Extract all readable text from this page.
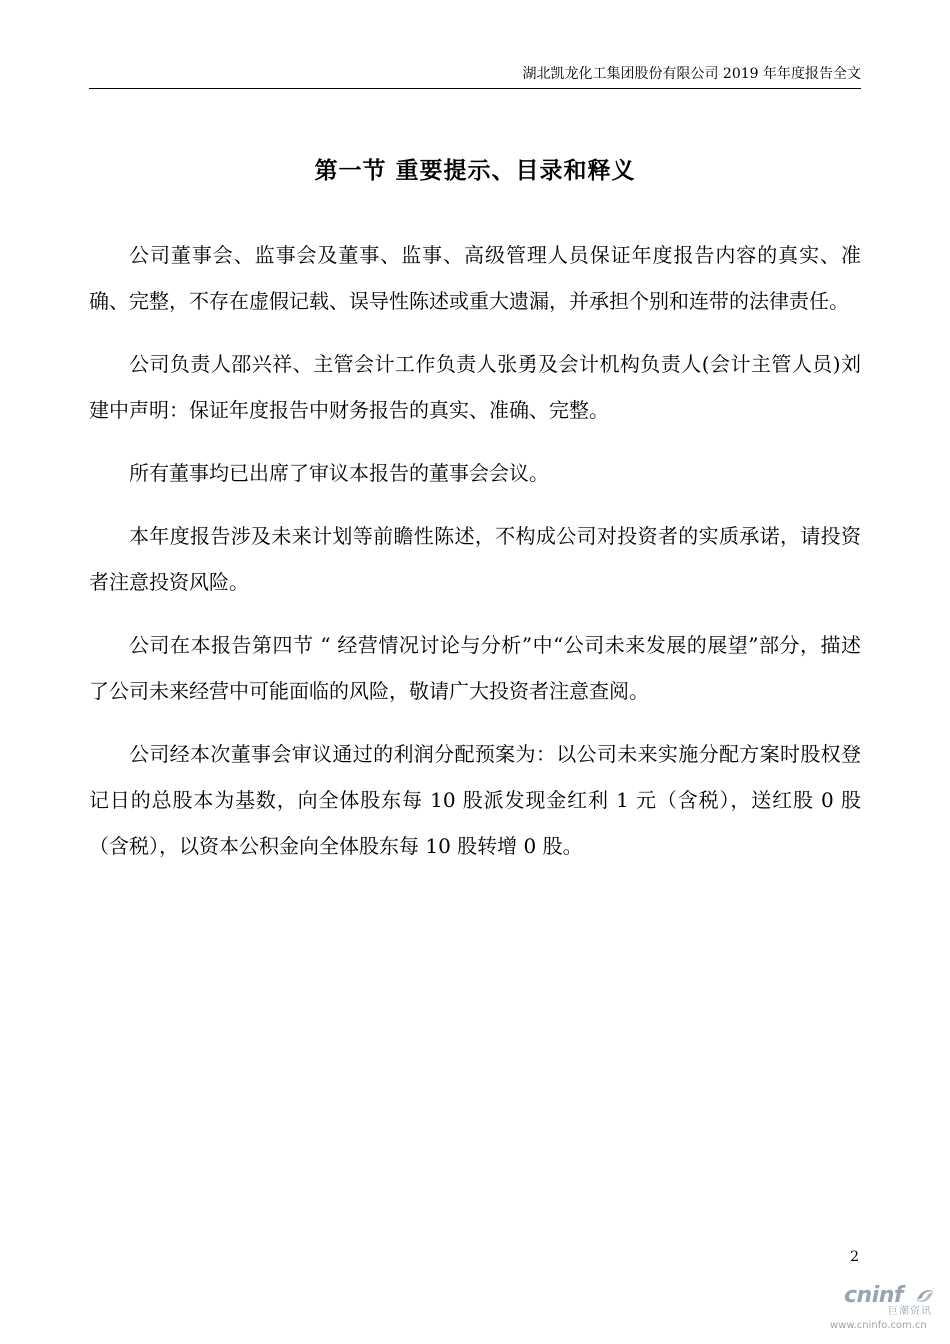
湖北凯龙化工集团股份有限公司 2019 年年度报告全文
第一节 重要提示、目录和释义

公司董事会、监事会及董事、监事、高级管理人员保证年度报告内容的真实、准确、完整，不存在虚假记载、误导性陈述或重大遗漏，并承担个别和连带的法律责任。

公司负责人邵兴祥、主管会计工作负责人张勇及会计机构负责人(会计主管人员)刘建中声明：保证年度报告中财务报告的真实、准确、完整。

所有董事均已出席了审议本报告的董事会会议。

本年度报告涉及未来计划等前瞻性陈述，不构成公司对投资者的实质承诺，请投资者注意投资风险。

公司在本报告第四节 “ 经营情况讨论与分析”中“公司未来发展的展望”部分，描述了公司未来经营中可能面临的风险，敬请广大投资者注意查阅。

公司经本次董事会审议通过的利润分配预案为：以公司未来实施分配方案时股权登记日的总股本为基数，向全体股东每 10 股派发现金红利 1 元（含税），送红股 0 股（含税），以资本公积金向全体股东每 10 股转增 0 股。

2
cninf
巨潮资讯
www.cninfo.com.cn
